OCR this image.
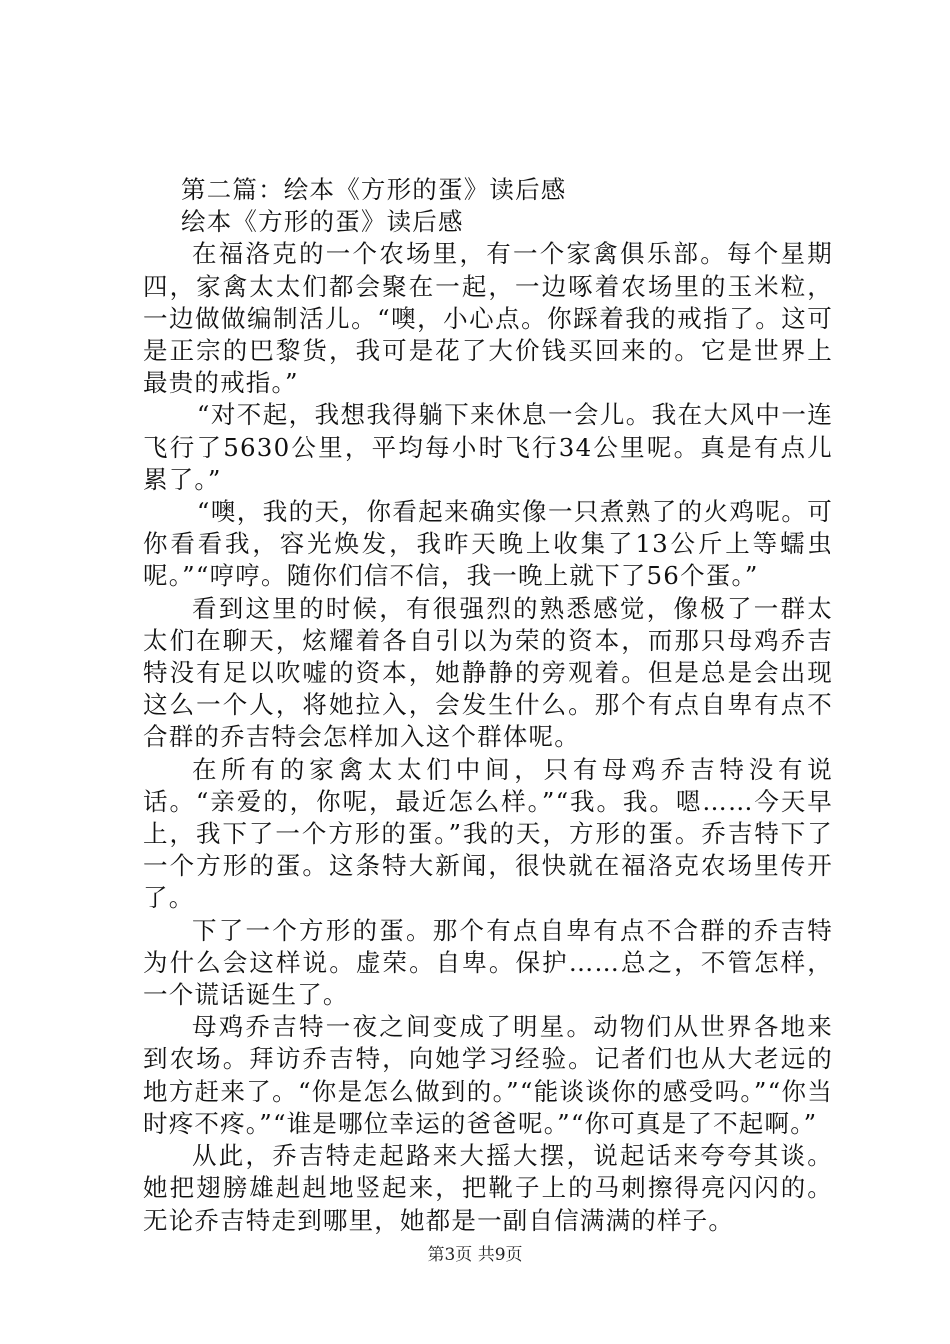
第二篇：绘本《方形的蛋》读后感

绘本《方形的蛋》读后感

在福洛克的一个农场里，有一个家禽俱乐部。每个星期四，家禽太太们都会聚在一起，一边啄着农场里的玉米粒，一边做做编制活儿。“噢，小心点。你踩着我的戒指了。这可是正宗的巴黎货，我可是花了大价钱买回来的。它是世界上最贵的戒指。”

“对不起，我想我得躺下来休息一会儿。我在大风中一连飞行了5630公里，平均每小时飞行34公里呢。真是有点儿累了。”

“噢，我的天，你看起来确实像一只煮熟了的火鸡呢。可你看看我，容光焕发，我昨天晚上收集了13公斤上等蠕虫呢。”“哼哼。随你们信不信，我一晚上就下了56个蛋。”

看到这里的时候，有很强烈的熟悉感觉，像极了一群太太们在聊天，炫耀着各自引以为荣的资本，而那只母鸡乔吉特没有足以吹嘘的资本，她静静的旁观着。但是总是会出现这么一个人，将她拉入，会发生什么。那个有点自卑有点不合群的乔吉特会怎样加入这个群体呢。

在所有的家禽太太们中间，只有母鸡乔吉特没有说话。“亲爱的，你呢，最近怎么样。”“我。我。嗯……今天早上，我下了一个方形的蛋。”我的天，方形的蛋。乔吉特下了一个方形的蛋。这条特大新闻，很快就在福洛克农场里传开了。

下了一个方形的蛋。那个有点自卑有点不合群的乔吉特为什么会这样说。虚荣。自卑。保护……总之，不管怎样，一个谎话诞生了。

母鸡乔吉特一夜之间变成了明星。动物们从世界各地来到农场。拜访乔吉特，向她学习经验。记者们也从大老远的地方赶来了。“你是怎么做到的。”“能谈谈你的感受吗。”“你当时疼不疼。”“谁是哪位幸运的爸爸呢。”“你可真是了不起啊。”

从此，乔吉特走起路来大摇大摆，说起话来夸夸其谈。她把翅膀雄赳赳地竖起来，把靴子上的马刺擦得亮闪闪的。无论乔吉特走到哪里，她都是一副自信满满的样子。

第3页 共9页
